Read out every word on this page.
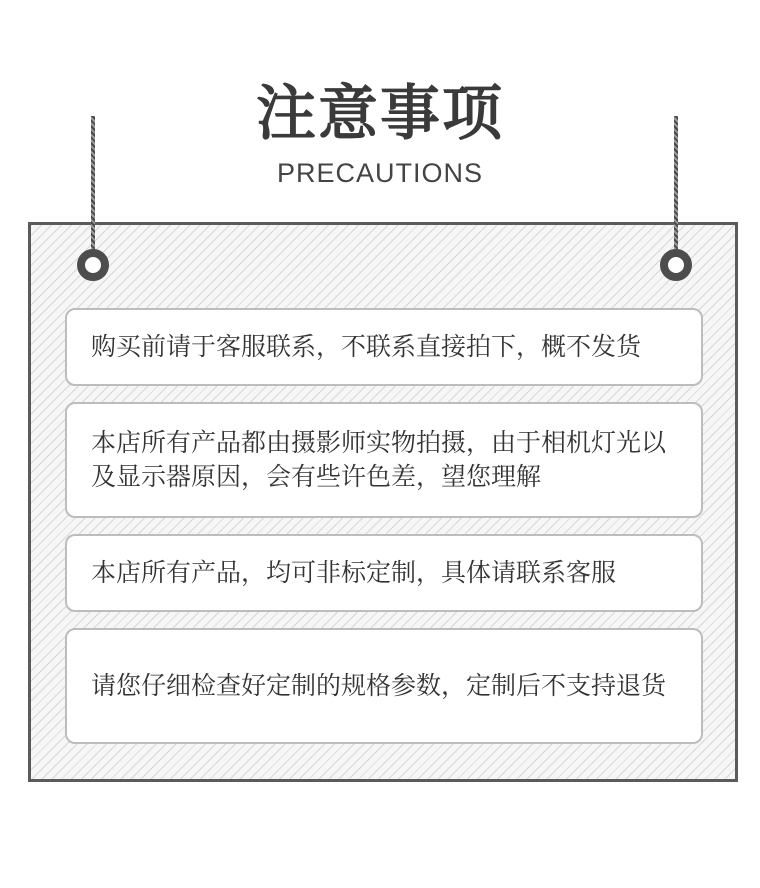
注意事项
PRECAUTIONS
购买前请于客服联系，不联系直接拍下，概不发货
本店所有产品都由摄影师实物拍摄，由于相机灯光以及显示器原因，会有些许色差，望您理解
本店所有产品，均可非标定制，具体请联系客服
请您仔细检查好定制的规格参数，定制后不支持退货
